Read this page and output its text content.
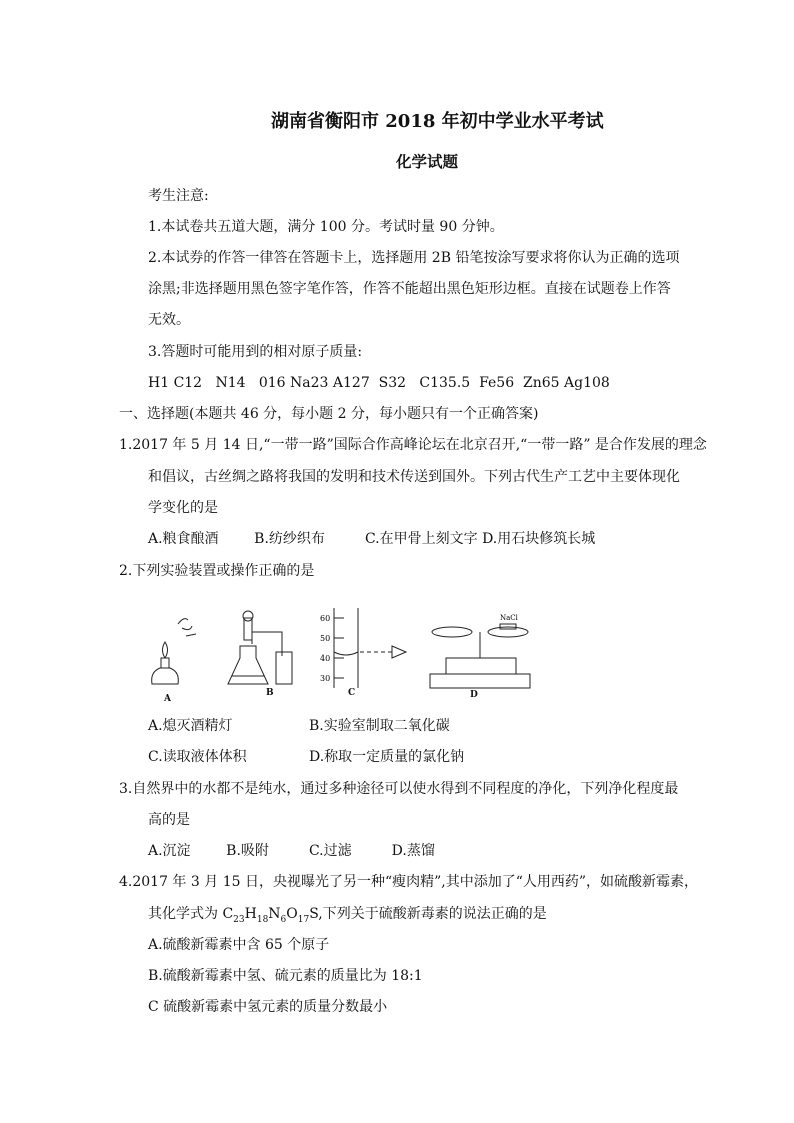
湖南省衡阳市 2018 年初中学业水平考试
化学试题
考生注意:
1.本试卷共五道大题，满分 100 分。考试时量 90 分钟。
2.本试券的作答一律答在答题卡上，选择题用 2B 铅笔按涂写要求将你认为正确的选项
涂黑;非选择题用黑色签字笔作答，作答不能超出黑色矩形边框。直接在试题卷上作答
无效。
3.答题时可能用到的相对原子质量:
H1 C12   N14   016 Na23 A127  S32   C135.5  Fe56  Zn65 Ag108
一、选择题(本题共 46 分，每小题 2 分，每小题只有一个正确答案)
1.2017 年 5 月 14 日,“一带一路”国际合作高峰论坛在北京召开,“一带一路” 是合作发展的理念
和倡议，古丝绸之路将我国的发明和技术传送到国外。下列古代生产工艺中主要体现化
学变化的是
A.粮食酿酒        B.纺纱织布         C.在甲骨上刻文字 D.用石块修筑长城
2.下列实验装置或操作正确的是
60
50
40
30
NaCl
A
B	C	D
A.熄灭酒精灯	B.实验室制取二氧化碳
C.读取液体体积	D.称取一定质量的氯化钠
3.自然界中的水都不是纯水，通过多种途径可以使水得到不同程度的净化，下列净化程度最
高的是
A.沉淀        B.吸附         C.过滤         D.蒸馏
4.2017 年 3 月 15 日，央视曝光了另一种“瘦肉精”,其中添加了“人用西药”，如硫酸新霉素，
其化学式为 $C_{23}H_{18}N_6O_{17}S$,下列关于硫酸新毒素的说法正确的是
A.硫酸新霉素中含 65 个原子
B.硫酸新霉素中氢、硫元素的质量比为 18:1
C 硫酸新霉素中氢元素的质量分数最小
